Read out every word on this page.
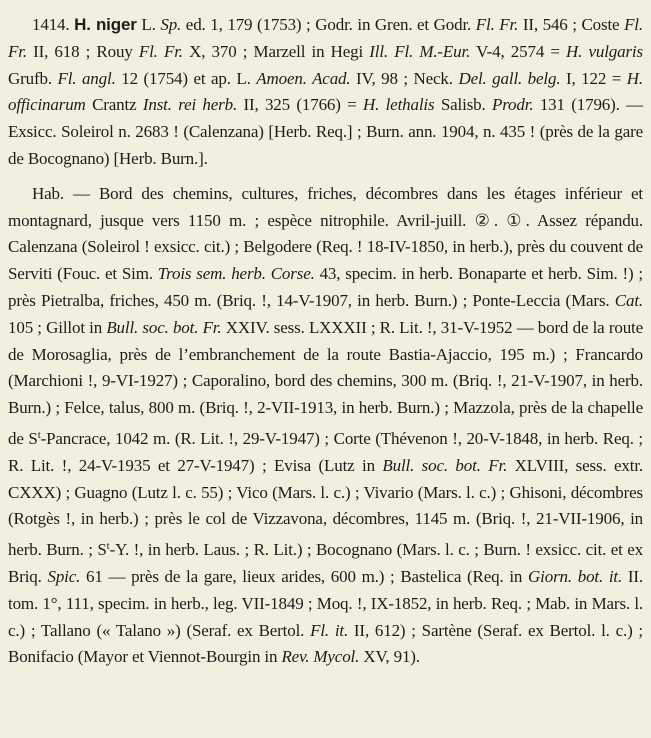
1414. H. niger L. Sp. ed. 1, 179 (1753) ; Godr. in Gren. et Godr. Fl. Fr. II, 546 ; Coste Fl. Fr. II, 618 ; Rouy Fl. Fr. X, 370 ; Marzell in Hegi Ill. Fl. M.-Eur. V-4, 2574 = H. vulgaris Grufb. Fl. angl. 12 (1754) et ap. L. Amoen. Acad. IV, 98 ; Neck. Del. gall. belg. I, 122 = H. officinarum Crantz Inst. rei herb. II, 325 (1766) = H. lethalis Salisb. Prodr. 131 (1796). — Exsicc. Soleirol n. 2683 ! (Calenzana) [Herb. Req.] ; Burn. ann. 1904, n. 435 ! (près de la gare de Bocognano) [Herb. Burn.].

Hab. — Bord des chemins, cultures, friches, décombres dans les étages inférieur et montagnard, jusque vers 1150 m. ; espèce nitrophile. Avril-juill. ②. ①. Assez répandu. Calenzana (Soleirol ! exsicc. cit.) ; Belgodere (Req. ! 18-IV-1850, in herb.), près du couvent de Serviti (Fouc. et Sim. Trois sem. herb. Corse. 43, specim. in herb. Bonaparte et herb. Sim. !) ; près Pietralba, friches, 450 m. (Briq. !, 14-V-1907, in herb. Burn.) ; Ponte-Leccia (Mars. Cat. 105 ; Gillot in Bull. soc. bot. Fr. XXIV. sess. LXXXII ; R. Lit. !, 31-V-1952 — bord de la route de Morosaglia, près de l’embranchement de la route Bastia-Ajaccio, 195 m.) ; Francardo (Marchioni !, 9-VI-1927) ; Caporalino, bord des chemins, 300 m. (Briq. !, 21-V-1907, in herb. Burn.) ; Felce, talus, 800 m. (Briq. !, 2-VII-1913, in herb. Burn.) ; Mazzola, près de la chapelle de $S^t$-Pancrace, 1042 m. (R. Lit. !, 29-V-1947) ; Corte (Thévenon !, 20-V-1848, in herb. Req. ; R. Lit. !, 24-V-1935 et 27-V-1947) ; Evisa (Lutz in Bull. soc. bot. Fr. XLVIII, sess. extr. CXXX) ; Guagno (Lutz l. c. 55) ; Vico (Mars. l. c.) ; Vivario (Mars. l. c.) ; Ghisoni, décombres (Rotgès !, in herb.) ; près le col de Vizzavona, décombres, 1145 m. (Briq. !, 21-VII-1906, in herb. Burn. ; $S^t-Y$. !, in herb. Laus. ; R. Lit.) ; Bocognano (Mars. l. c. ; Burn. ! exsicc. cit. et ex Briq. Spic. 61 — près de la gare, lieux arides, 600 m.) ; Bastelica (Req. in Giorn. bot. it. II. tom. 1°, 111, specim. in herb., leg. VII-1849 ; Moq. !, IX-1852, in herb. Req. ; Mab. in Mars. l. c.) ; Tallano (« Talano ») (Seraf. ex Bertol. Fl. it. II, 612) ; Sartène (Seraf. ex Bertol. l. c.) ; Bonifacio (Mayor et Viennot-Bourgin in Rev. Mycol. XV, 91).
